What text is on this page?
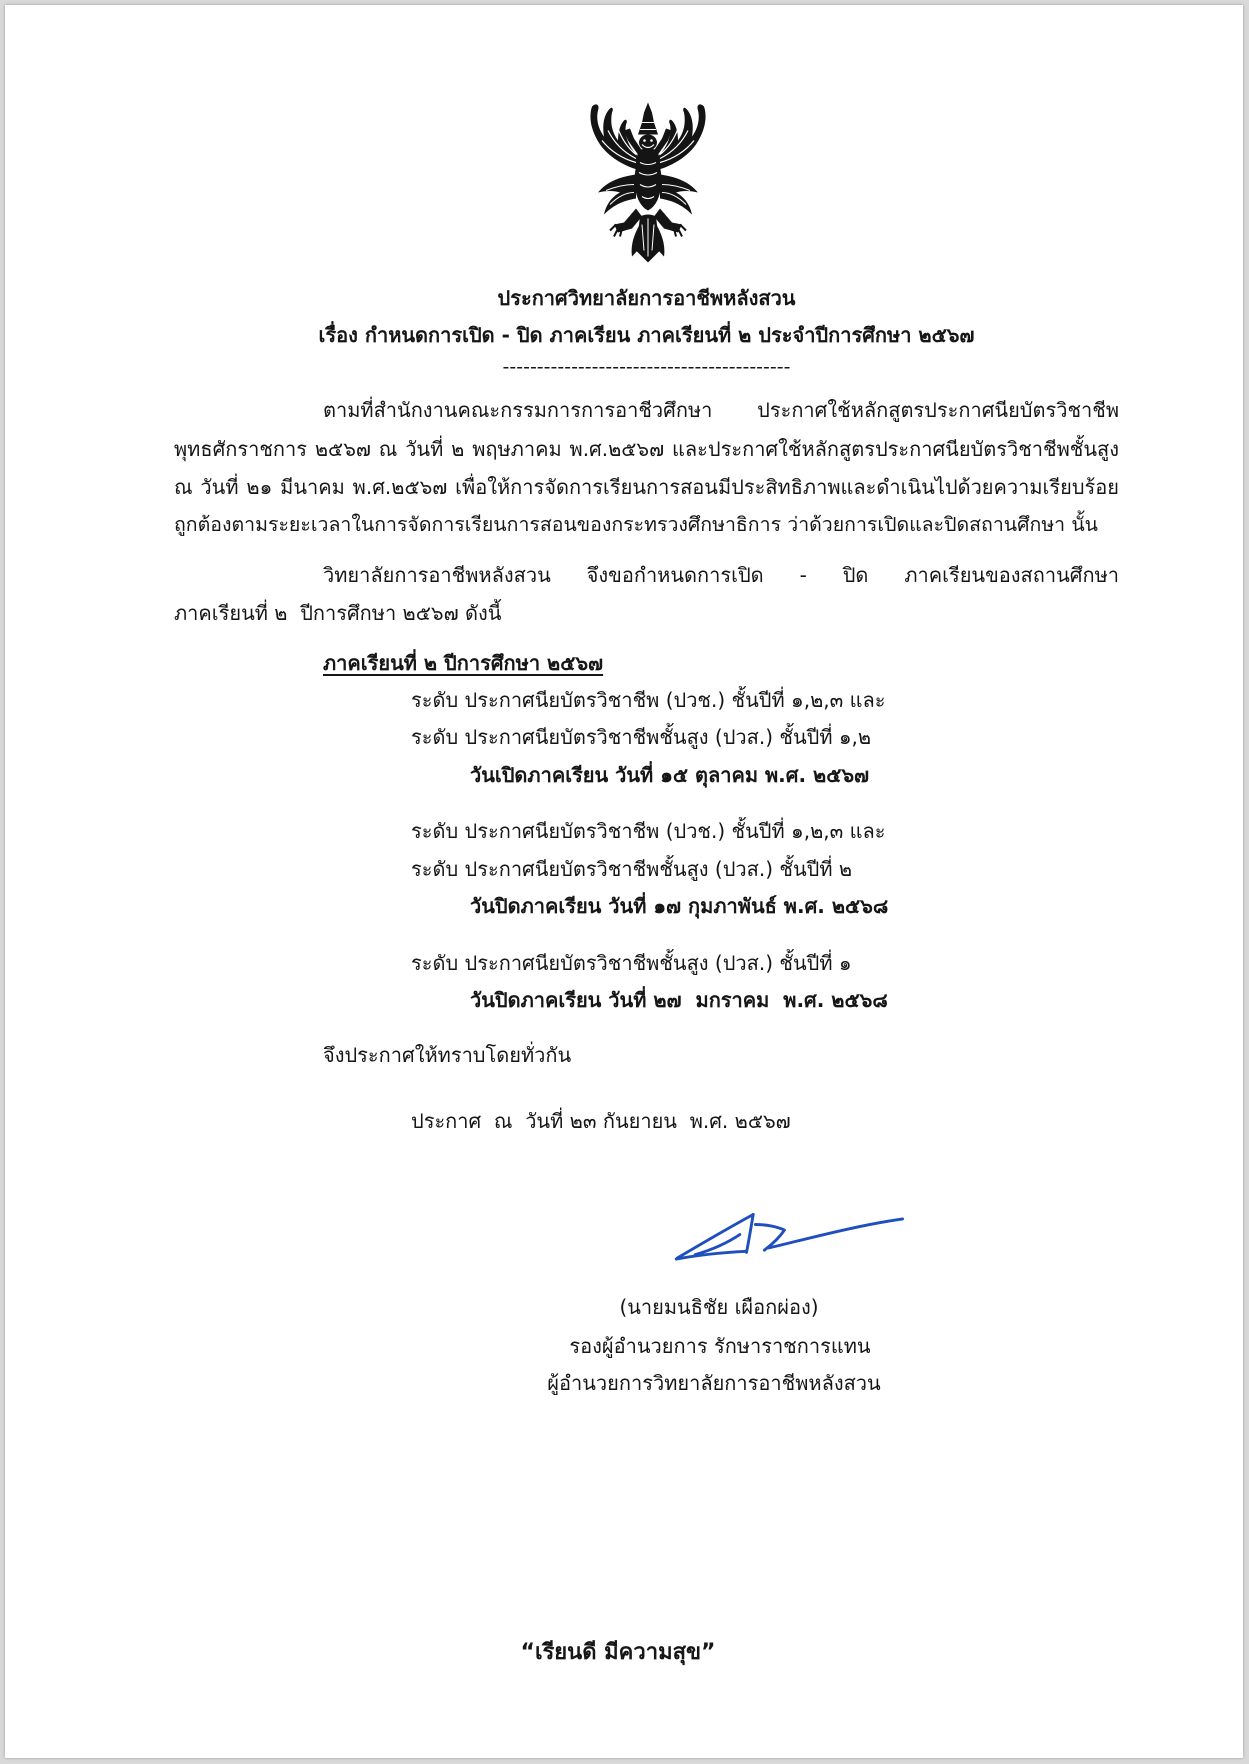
ประกาศวิทยาลัยการอาชีพหลังสวน
เรื่อง กำหนดการเปิด - ปิด ภาคเรียน ภาคเรียนที่ ๒ ประจำปีการศึกษา ๒๕๖๗
------------------------------------------
ตามที่สำนักงานคณะกรรมการการอาชีวศึกษา ประกาศใช้หลักสูตรประกาศนียบัตรวิชาชีพ
พุทธศักราชการ ๒๕๖๗ ณ วันที่ ๒ พฤษภาคม พ.ศ.๒๕๖๗ และประกาศใช้หลักสูตรประกาศนียบัตรวิชาชีพชั้นสูง
ณ วันที่ ๒๑ มีนาคม พ.ศ.๒๕๖๗ เพื่อให้การจัดการเรียนการสอนมีประสิทธิภาพและดำเนินไปด้วยความเรียบร้อย
ถูกต้องตามระยะเวลาในการจัดการเรียนการสอนของกระทรวงศึกษาธิการ ว่าด้วยการเปิดและปิดสถานศึกษา นั้น
วิทยาลัยการอาชีพหลังสวน จึงขอกำหนดการเปิด - ปิด ภาคเรียนของสถานศึกษา
ภาคเรียนที่ ๒  ปีการศึกษา ๒๕๖๗ ดังนี้
ภาคเรียนที่ ๒ ปีการศึกษา ๒๕๖๗
ระดับ ประกาศนียบัตรวิชาชีพ (ปวช.) ชั้นปีที่ ๑,๒,๓ และ
ระดับ ประกาศนียบัตรวิชาชีพชั้นสูง (ปวส.) ชั้นปีที่ ๑,๒
วันเปิดภาคเรียน วันที่ ๑๕ ตุลาคม พ.ศ. ๒๕๖๗
ระดับ ประกาศนียบัตรวิชาชีพ (ปวช.) ชั้นปีที่ ๑,๒,๓ และ
ระดับ ประกาศนียบัตรวิชาชีพชั้นสูง (ปวส.) ชั้นปีที่ ๒
วันปิดภาคเรียน วันที่ ๑๗ กุมภาพันธ์ พ.ศ. ๒๕๖๘
ระดับ ประกาศนียบัตรวิชาชีพชั้นสูง (ปวส.) ชั้นปีที่ ๑
วันปิดภาคเรียน วันที่ ๒๗  มกราคม  พ.ศ. ๒๕๖๘
จึงประกาศให้ทราบโดยทั่วกัน
ประกาศ  ณ  วันที่ ๒๓ กันยายน  พ.ศ. ๒๕๖๗
(นายมนธิชัย เผือกผ่อง)
รองผู้อำนวยการ รักษาราชการแทน
ผู้อำนวยการวิทยาลัยการอาชีพหลังสวน
“เรียนดี มีความสุข”
